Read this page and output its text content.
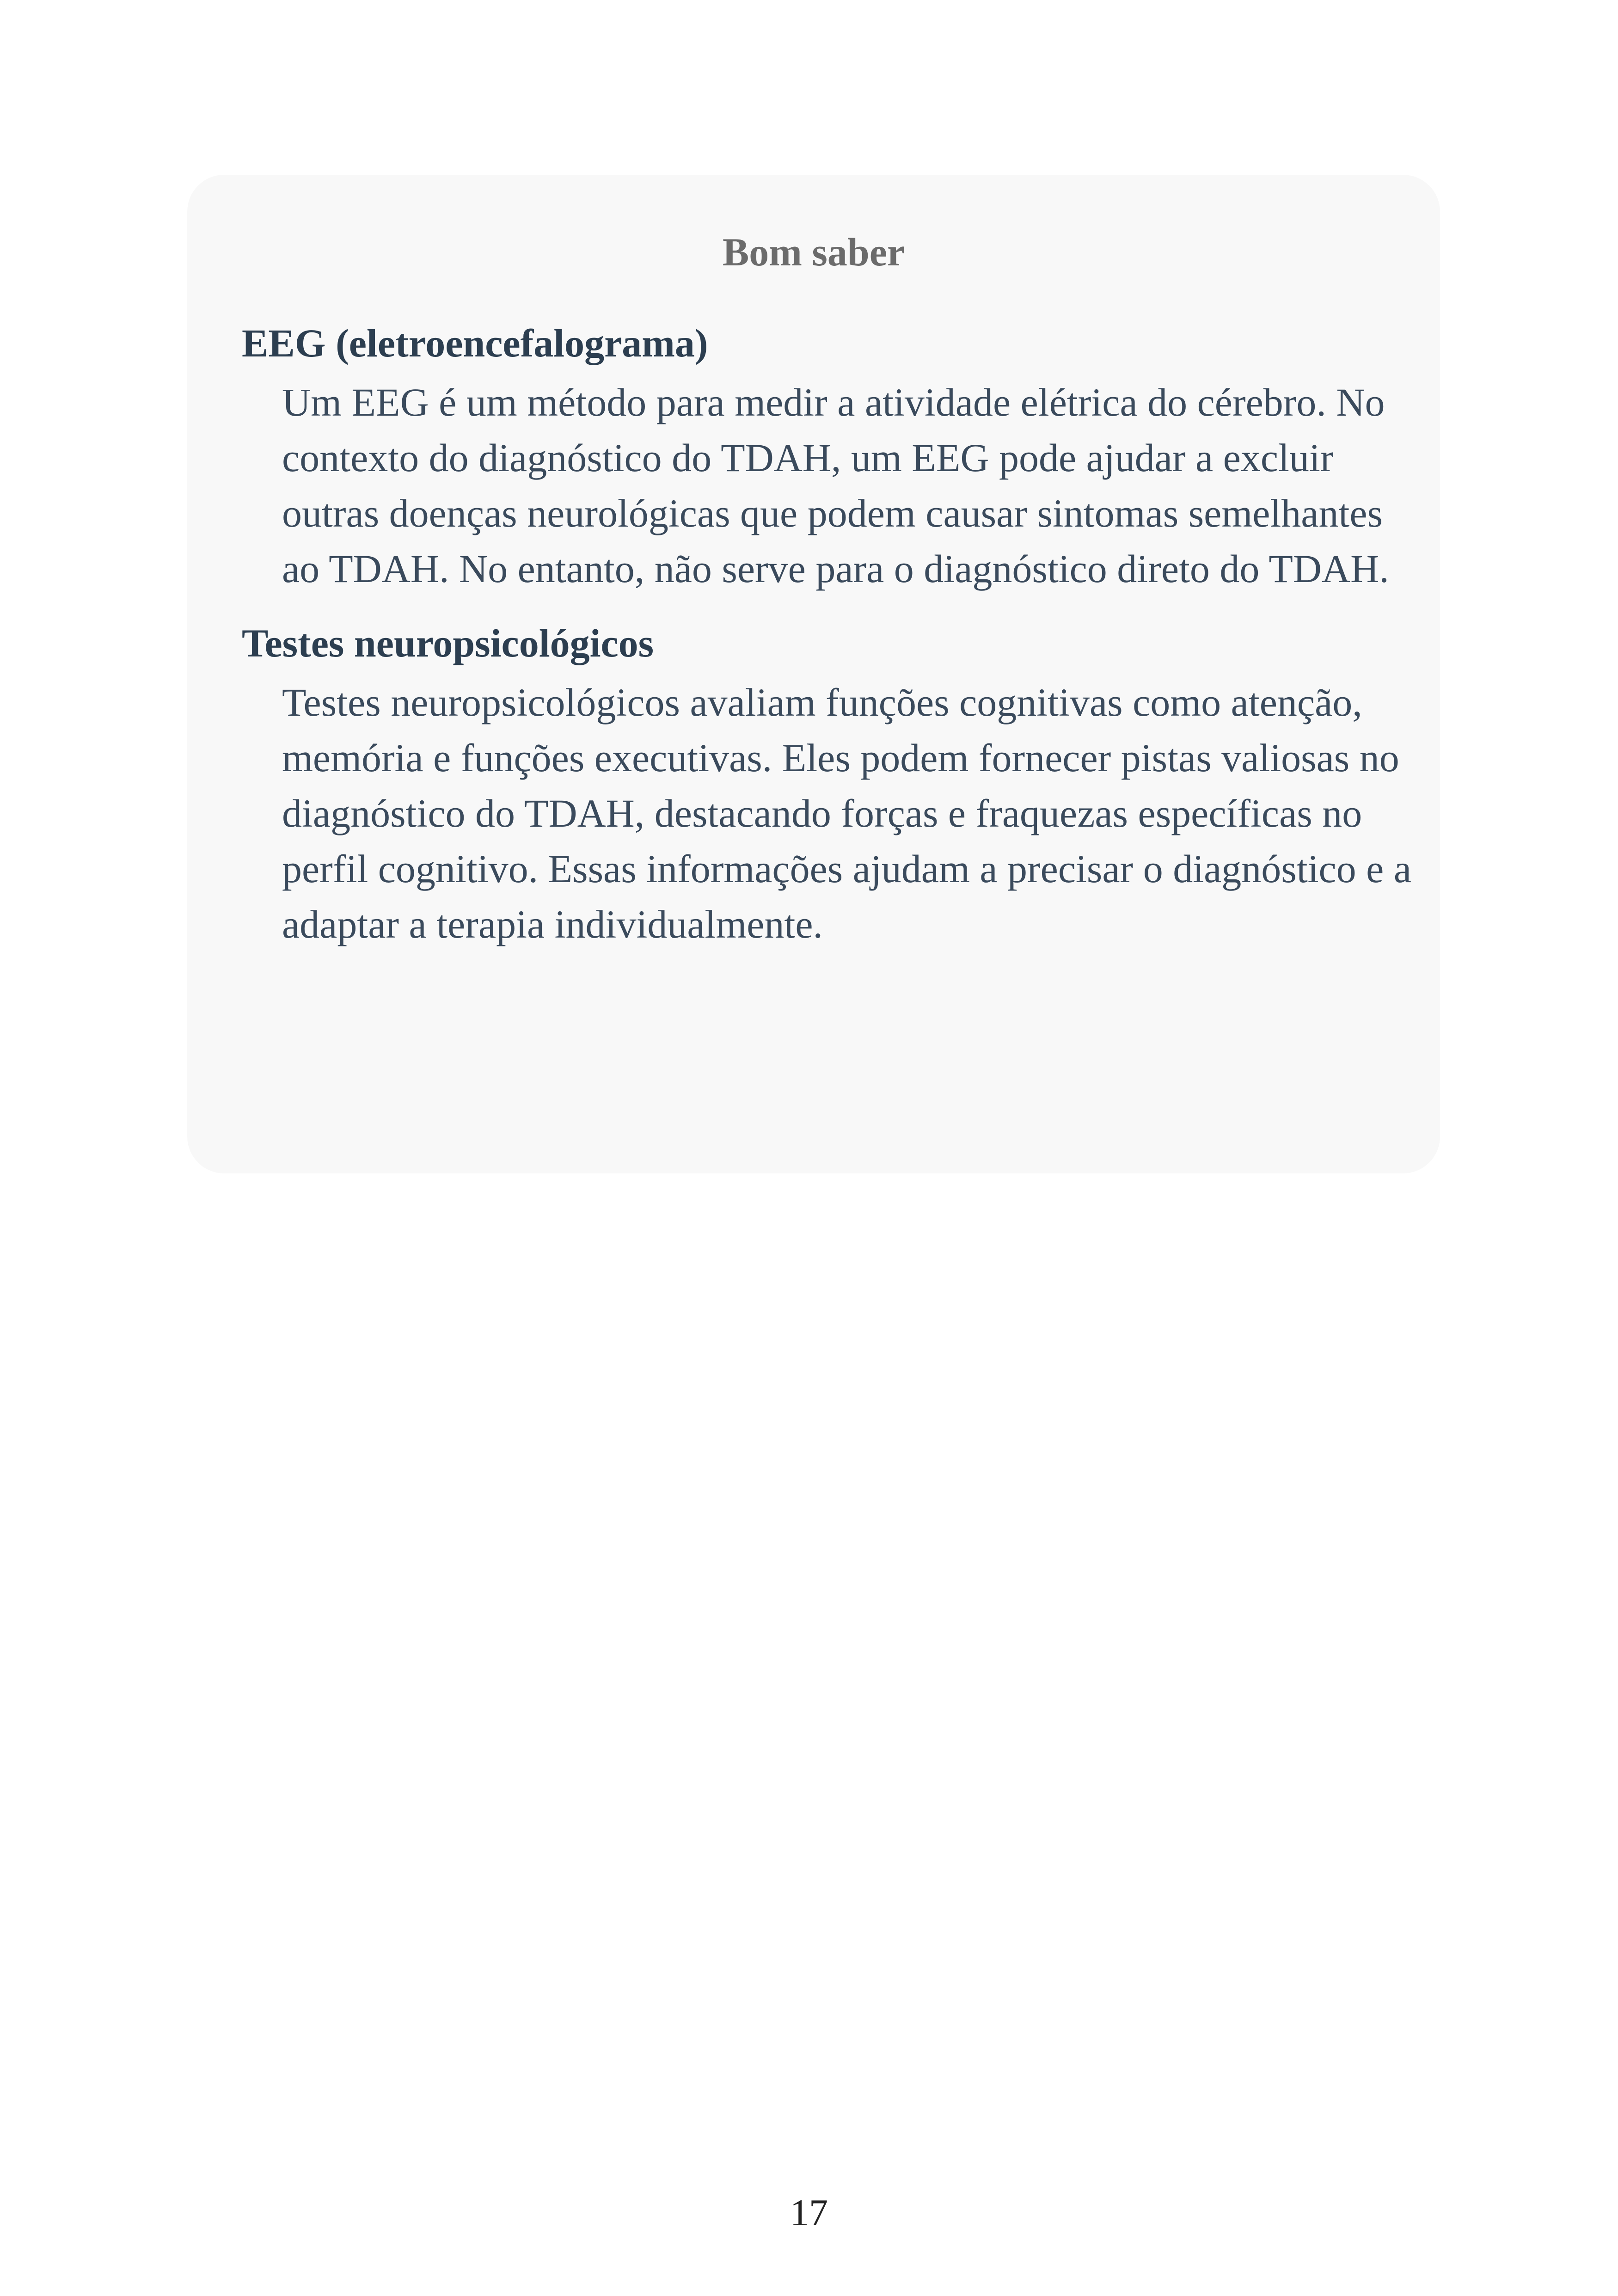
Bom saber

EEG (eletroencefalograma)

Um EEG é um método para medir a atividade elétrica do cérebro. No contexto do diagnóstico do TDAH, um EEG pode ajudar a excluir outras doenças neurológicas que podem causar sintomas semelhantes ao TDAH. No entanto, não serve para o diagnóstico direto do TDAH.

Testes neuropsicológicos

Testes neuropsicológicos avaliam funções cognitivas como atenção, memória e funções executivas. Eles podem fornecer pistas valiosas no diagnóstico do TDAH, destacando forças e fraquezas específicas no perfil cognitivo. Essas informações ajudam a precisar o diagnóstico e a adaptar a terapia individualmente.

17
